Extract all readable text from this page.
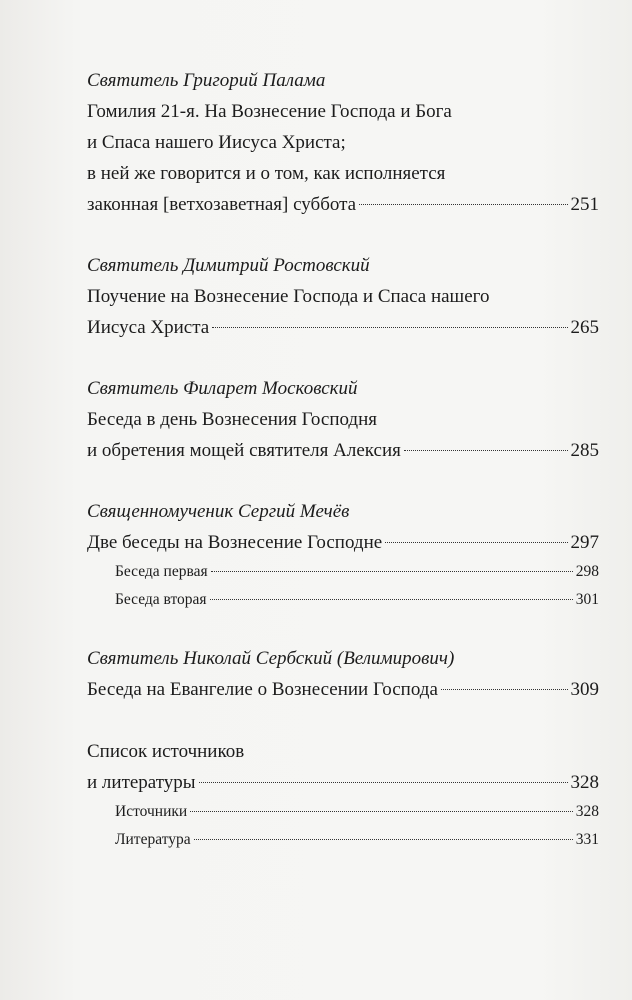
Святитель Григорий Палама
Гомилия 21-я. На Вознесение Господа и Бога
и Спаса нашего Иисуса Христа;
в ней же говорится и о том, как исполняется
законная [ветхозаветная] суббота	251
Святитель Димитрий Ростовский
Поучение на Вознесение Господа и Спаса нашего
Иисуса Христа	265
Святитель Филарет Московский
Беседа в день Вознесения Господня
и обретения мощей святителя Алексия	285
Священномученик Сергий Мечёв
Две беседы на Вознесение Господне	297
Беседа первая	298
Беседа вторая	301
Святитель Николай Сербский (Велимирович)
Беседа на Евангелие о Вознесении Господа	309
Список источников
и литературы	328
Источники	328
Литература	331
